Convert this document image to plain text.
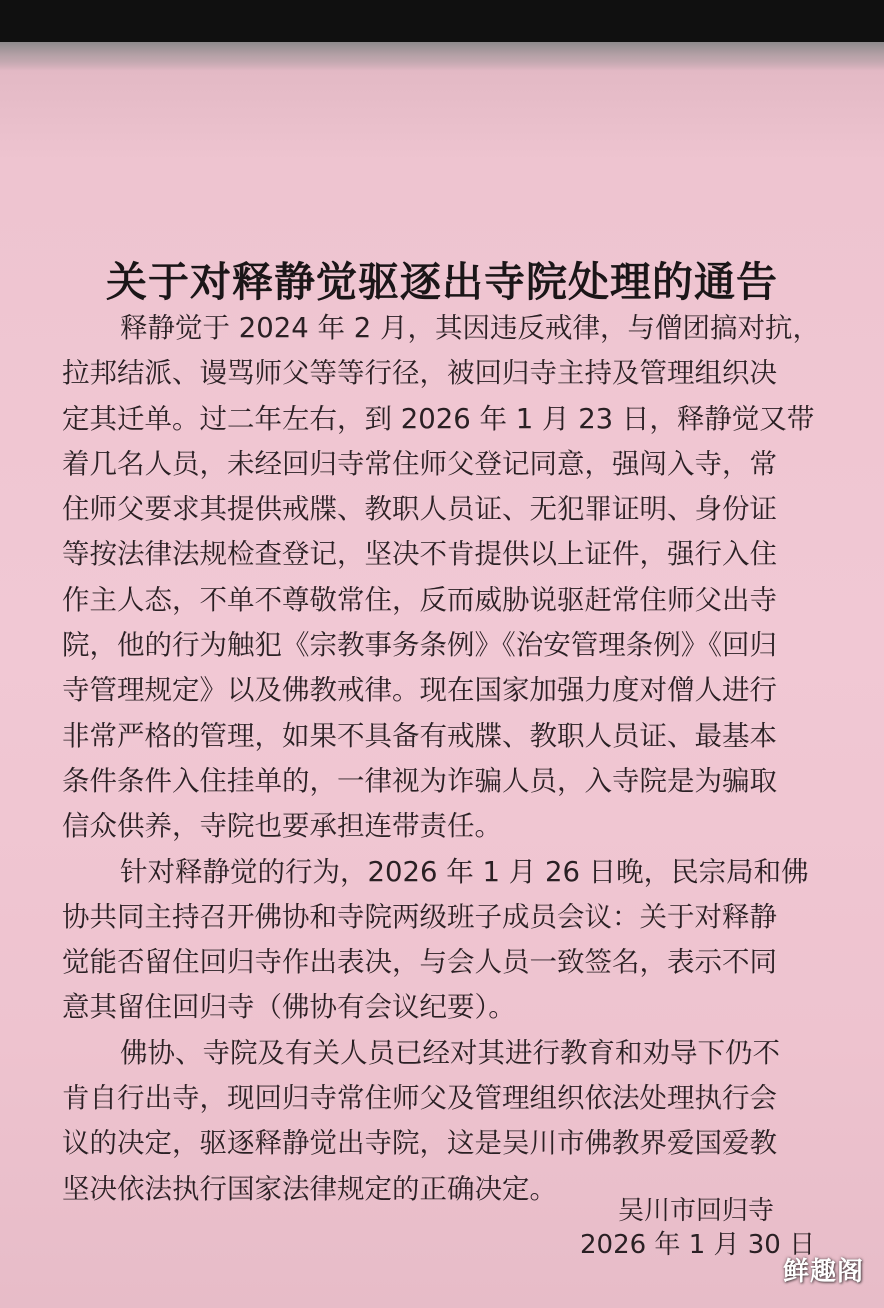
关于对释静觉驱逐出寺院处理的通告
释静觉于 2024 年 2 月，其因违反戒律，与僧团搞对抗，
拉邦结派、谩骂师父等等行径，被回归寺主持及管理组织决
定其迁单。过二年左右，到 2026 年 1 月 23 日，释静觉又带
着几名人员，未经回归寺常住师父登记同意，强闯入寺，常
住师父要求其提供戒牒、教职人员证、无犯罪证明、身份证
等按法律法规检查登记，坚决不肯提供以上证件，强行入住
作主人态，不单不尊敬常住，反而威胁说驱赶常住师父出寺
院，他的行为触犯《宗教事务条例》《治安管理条例》《回归
寺管理规定》以及佛教戒律。现在国家加强力度对僧人进行
非常严格的管理，如果不具备有戒牒、教职人员证、最基本
条件条件入住挂单的，一律视为诈骗人员，入寺院是为骗取
信众供养，寺院也要承担连带责任。
针对释静觉的行为，2026 年 1 月 26 日晚，民宗局和佛
协共同主持召开佛协和寺院两级班子成员会议：关于对释静
觉能否留住回归寺作出表决，与会人员一致签名，表示不同
意其留住回归寺（佛协有会议纪要）。
佛协、寺院及有关人员已经对其进行教育和劝导下仍不
肯自行出寺，现回归寺常住师父及管理组织依法处理执行会
议的决定，驱逐释静觉出寺院，这是吴川市佛教界爱国爱教
坚决依法执行国家法律规定的正确决定。
吴川市回归寺
2026 年 1 月 30 日
鲜趣阁
